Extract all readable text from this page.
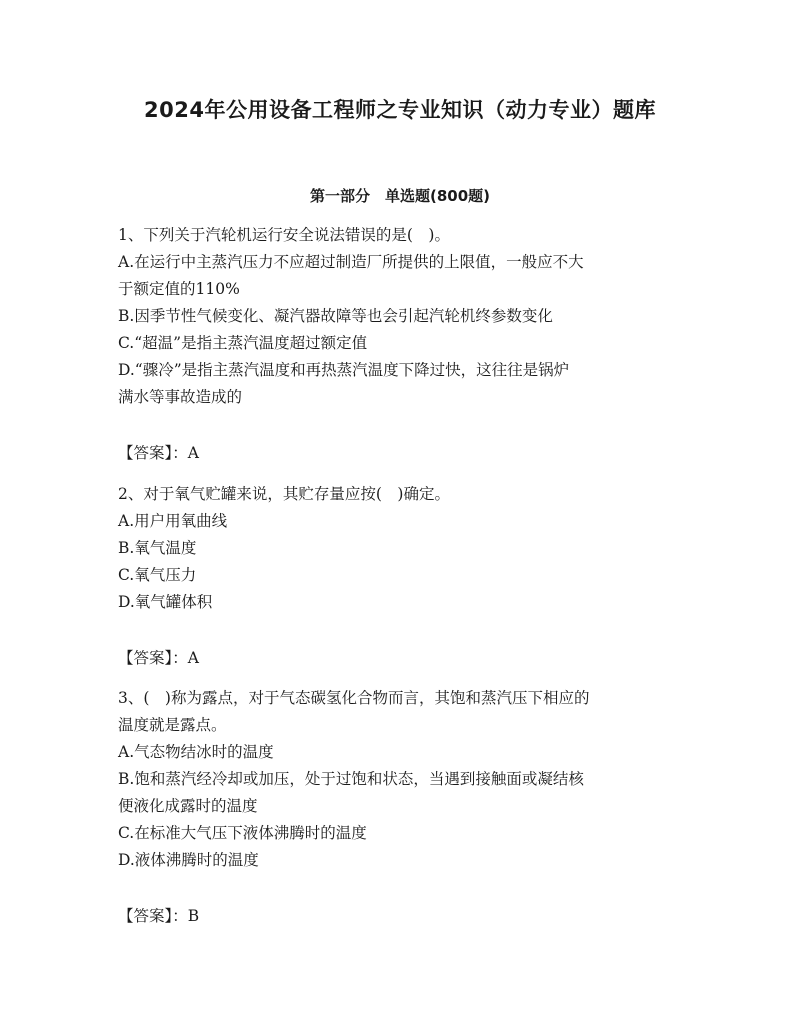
2024年公用设备工程师之专业知识（动力专业）题库
第一部分　单选题(800题)
1、下列关于汽轮机运行安全说法错误的是(　)。
A.在运行中主蒸汽压力不应超过制造厂所提供的上限值，一般应不大
于额定值的110%
B.因季节性气候变化、凝汽器故障等也会引起汽轮机终参数变化
C.“超温”是指主蒸汽温度超过额定值
D.“骤冷”是指主蒸汽温度和再热蒸汽温度下降过快，这往往是锅炉
满水等事故造成的
【答案】：A
2、对于氧气贮罐来说，其贮存量应按(　)确定。
A.用户用氧曲线
B.氧气温度
C.氧气压力
D.氧气罐体积
【答案】：A
3、(　)称为露点，对于气态碳氢化合物而言，其饱和蒸汽压下相应的
温度就是露点。
A.气态物结冰时的温度
B.饱和蒸汽经冷却或加压，处于过饱和状态，当遇到接触面或凝结核
便液化成露时的温度
C.在标准大气压下液体沸腾时的温度
D.液体沸腾时的温度
【答案】：B
